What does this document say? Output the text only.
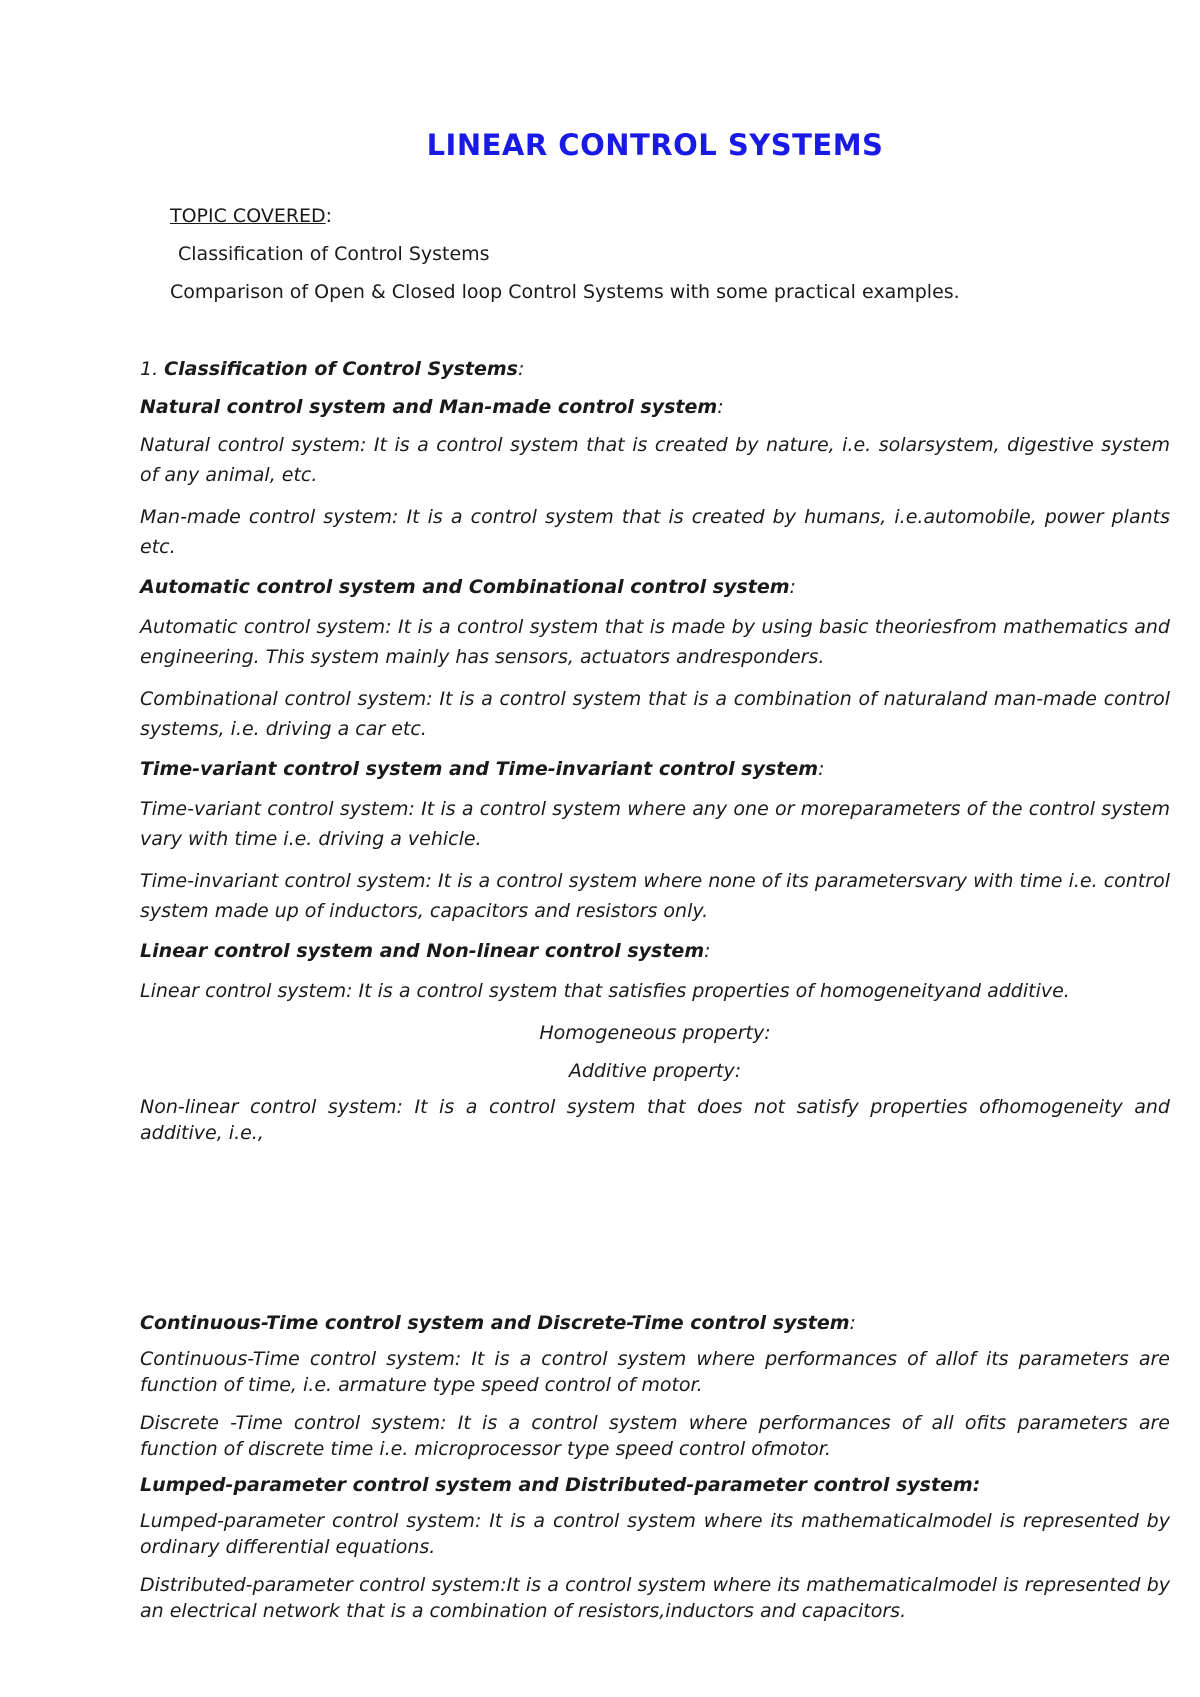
LINEAR CONTROL SYSTEMS
TOPIC COVERED:
Classification of Control Systems
Comparison of Open & Closed loop Control Systems with some practical examples.

1. Classification of Control Systems:

Natural control system and Man-made control system:

Natural control system: It is a control system that is created by nature, i.e. solarsystem, digestive system of any animal, etc.

Man-made control system: It is a control system that is created by humans, i.e.automobile, power plants etc.

Automatic control system and Combinational control system:

Automatic control system: It is a control system that is made by using basic theoriesfrom mathematics and engineering. This system mainly has sensors, actuators andresponders.

Combinational control system: It is a control system that is a combination of naturaland man-made control systems, i.e. driving a car etc.

Time-variant control system and Time-invariant control system:

Time-variant control system: It is a control system where any one or moreparameters of the control system vary with time i.e. driving a vehicle.

Time-invariant control system: It is a control system where none of its parametersvary with time i.e. control system made up of inductors, capacitors and resistors only.

Linear control system and Non-linear control system:

Linear control system: It is a control system that satisfies properties of homogeneityand additive.

Homogeneous property:

Additive property:

Non-linear control system: It is a control system that does not satisfy properties ofhomogeneity and additive, i.e.,

Continuous-Time control system and Discrete-Time control system:

Continuous-Time control system: It is a control system where performances of allof its parameters are function of time, i.e. armature type speed control of motor.

Discrete -Time control system: It is a control system where performances of all ofits parameters are function of discrete time i.e. microprocessor type speed control ofmotor.

Lumped-parameter control system and Distributed-parameter control system:

Lumped-parameter control system: It is a control system where its mathematicalmodel is represented by ordinary differential equations.

Distributed-parameter control system:It is a control system where its mathematicalmodel is represented by an electrical network that is a combination of resistors,inductors and capacitors.
